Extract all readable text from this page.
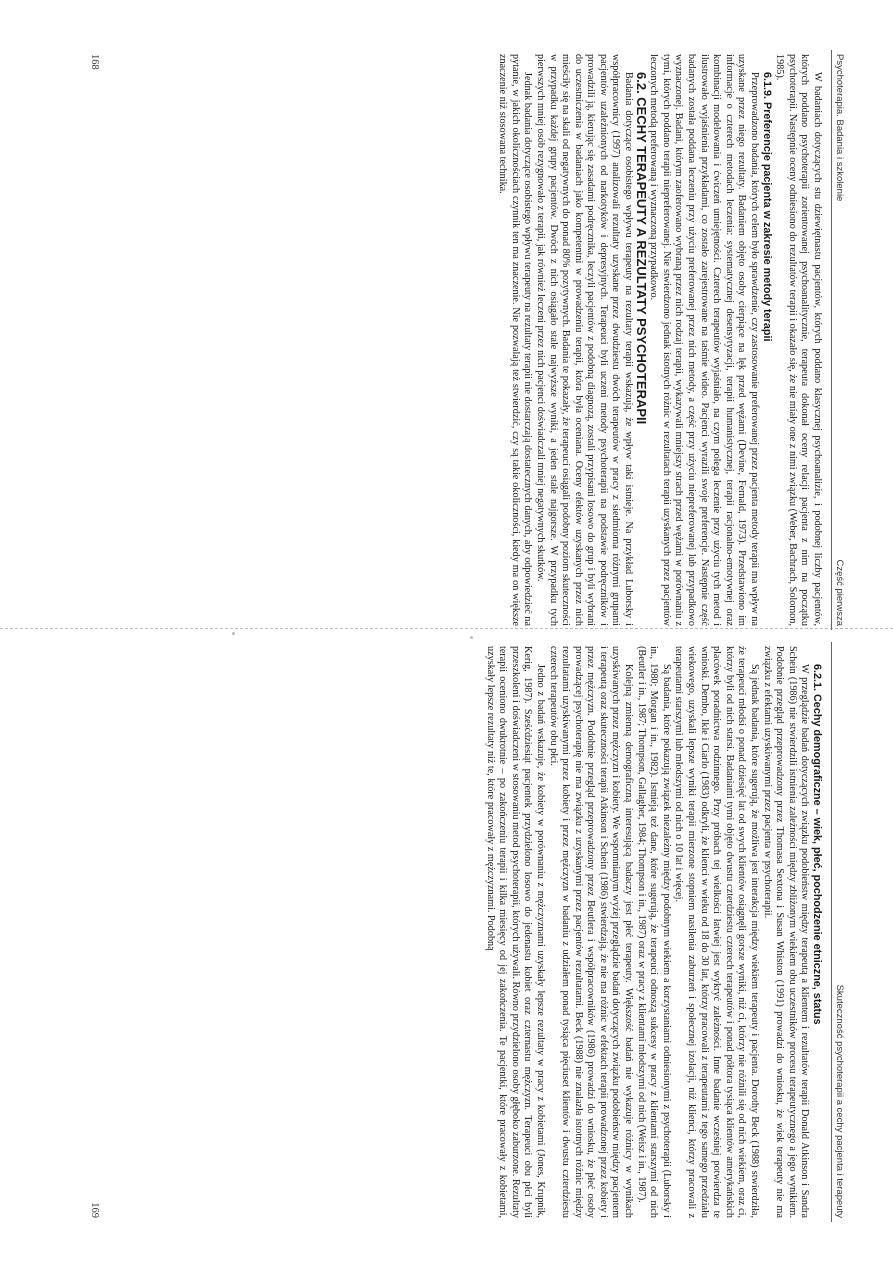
Psychoterapia. Badania i szkolenie
Część pierwsza

W badaniach dotyczących stu dziewiętnastu pacjentów, których poddano klasycznej psychoanalizie, i podobnej liczby pacjentów, których poddano psychoterapii zorientowanej psychoanalitycznie, terapeuta dokonał oceny relacji pacjenta z nim na początku psychoterapii. Następnie oceny odniesiono do rezultatów terapii i okazało się, że nie miały one z nimi związku (Weber, Bachrach, Solomon, 1985).

6.1.9. Preferencje pacjenta w zakresie metody terapii

Przeprowadzono badania, których celem było sprawdzenie, czy zastosowanie preferowanej przez pacjenta metody terapii ma wpływ na uzyskane przez niego rezultaty. Badaniem objęto osoby cierpiące na lęk przed wężami (Devine, Fernald, 1973). Przedstawiono im informacje o czterech metodach leczenia: systematycznej desensytyzacji, terapii humanistycznej, terapii racjonalno-emotywnej oraz kombinacji modelowania i ćwiczeń umiejętności. Czterech terapeutów wyjaśniało, na czym polega leczenie przy użyciu tych metod i ilustrowało wyjaśnienia przykładami, co zostało zarejestrowane na taśmie wideo. Pacjenci wyrazili swoje preferencje. Następnie część badanych została poddana leczeniu przy użyciu preferowanej przez nich metody, a część przy użyciu niepreferowanej lub przypadkowo wyznaczonej. Badani, którym zaoferowano wybraną przez nich rodzaj terapii, wykazywali mniejszy strach przed wężami w porównaniu z tymi, których poddano terapii niepreferowanej. Nie stwierdzono jednak istotnych różnic w rezultatach terapii uzyskanych przez pacjentów leczonych metodą preferowaną i wyznaczoną przypadkowo.

6.2. CECHY TERAPEUTY A REZULTATY PSYCHOTERAPII

Badania dotyczące osobistego wpływu terapeuty na rezultaty terapii wskazują, że wpływ taki istnieje. Na przykład Luborsky i współpracownicy (1997) analizowali rezultaty uzyskane przez dwudziestu dwóch terapeutów w pracy z siedmioma różnymi grupami pacjentów uzależnionych od narkotyków i depresyjnych. Terapeuci byli uczeni metody psychoterapii na podstawie podręczników i prowadzili ją, kierując się zasadami podręcznika, leczyli pacjentów z podobną diagnozą, zostali przypisani losowo do grup i byli wybrani do uczestniczenia w badaniach jako kompetentni w prowadzeniu terapii, która była oceniana. Oceny efektów uzyskanych przez nich mieściły się na skali od negatywnych do ponad 80% pozytywnych. Badania te pokazały, że terapeuci osiągali podobny poziom skuteczności w przypadku każdej grupy pacjentów. Dwóch z nich osiągało stale najwyższe wyniki, a jeden stale najgorsze. W przypadku tych pierwszych mniej osób rezygnowało z terapii, jak również leczeni przez nich pacjenci doświadczali mniej negatywnych skutków.

Jednak badania dotyczące osobistego wpływu terapeuty na rezultaty terapii nie dostarczają dostatecznych danych, aby odpowiedzieć na pytanie, w jakich okolicznościach czynnik ten ma znaczenie. Nie pozwalają też stwierdzić, czy są takie okoliczności, kiedy ma on większe znaczenie niż stosowana technika.

168
Skuteczność psychoterapii a cechy pacjenta i terapeuty

6.2.1. Cechy demograficzne – wiek, płeć, pochodzenie etniczne, status

W przeglądzie badań dotyczących związku podobieństw między terapeutą a klientem i rezultatów terapii Donald Atkinson i Sandra Schein (1986) nie stwierdzili istnienia zależności między zbliżonym wiekiem obu uczestników procesu terapeutycznego a jego wynikiem. Podobnie przegląd przeprowadzony przez Thomasa Sextona i Susan Whiston (1991) prowadzi do wniosku, że wiek terapeuty nie ma związku z efektami uzyskiwanymi przez pacjenta w psychoterapii.

Są jednak badania, które sugerują, że możliwa jest interakcja między wiekiem terapeuty i pacjenta. Dorothy Beck (1988) stwierdziła, że terapeuci młodsi o ponad dziesięć lat od swych klientów osiągnęli gorsze wyniki, niż ci, którzy nie różnili się od nich wiekiem, oraz ci, którzy byli od nich starsi. Badaniami tymi objęto dwustu czterdziestu czterech terapeutów i ponad półtora tysiąca klientów amerykańskich placówek poradnictwa rodzinnego. Przy próbach tej wielkości łatwiej jest wykryć zależności. Inne badanie wcześniej potwierdza te wnioski. Dembo, Ikle i Ciarlo (1983) odkryli, że klienci w wieku od 18 do 30 lat, którzy pracowali z terapeutami z tego samego przedziału wiekowego, uzyskali lepsze wyniki terapii mierzone stopniem nasilenia zaburzeń i społecznej izolacji, niż klienci, którzy pracowali z terapeutami starszymi lub młodszymi od nich o 10 lat i więcej.

Są badania, które pokazują związek niezależny między podobnym wiekiem a korzystaniami odniesionymi z psychoterapii (Luborsky i in., 1980; Morgan i in., 1982). Istnieją też dane, które sugerują, że terapeuci odnoszą sukcesy w pracy z klientami starszymi od nich (Beutler i in., 1987; Thompson, Gallagher, 1984; Thompson i in., 1987) oraz w pracy z klientami młodszymi od nich (Weisz i in., 1987).

Kolejną zmienną demograficzną interesującą badaczy jest płeć terapeuty. Większość badań nie wykazuje różnicy w wynikach uzyskiwanych przez mężczyzn i kobiety. We wspomnianym wyżej przeglądzie badań dotyczących związku podobieństw między pacjentem i terapeutą oraz skuteczności terapii Atkinson i Schein (1986) stwierdzają, że nie ma różnic w efektach terapii prowadzonej przez kobiety i przez mężczyzn. Podobnie przegląd przeprowadzony przez Beutlera i współpracowników (1986) prowadzi do wniosku, że płeć osoby prowadzącej psychoterapię nie ma związku z uzyskanymi przez pacjentów rezultatami. Beck (1988) nie znalazła istotnych różnic między rezultatami uzyskiwanymi przez kobiety i przez mężczyzn w badaniu z udziałem ponad tysiąca pięciuset klientów i dwustu czterdziestu czterech terapeutów obu płci.

Jedno z badań wskazuje, że kobiety w porównaniu z mężczyznami uzyskały lepsze rezultaty w pracy z kobietami (Jones, Krupnik, Kerig, 1987). Sześćdziesiąt pacjentek przydzielono losowo do jedenastu kobiet oraz czternastu mężczyzn. Terapeuci obu płci byli przeszkoleni i doświadczeni w stosowaniu metod psychoterapii, których używali. Równo przydzielono osoby głęboko zaburzone. Rezultaty terapii oceniono dwukrotnie – po zakończeniu terapii i kilka miesięcy od jej zakończenia. Te pacjentki, które pracowały z kobietami, uzyskały lepsze rezultaty niż te, które pracowały z mężczyznami. Podobną

169
